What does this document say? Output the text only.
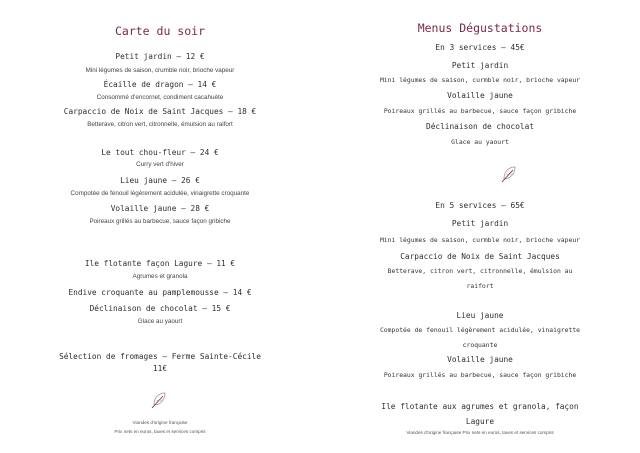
Carte du soir
Petit jardin – 12 €
Mini légumes de saison, crumble noir, brioche vapeur
Écaille de dragon – 14 €
Consommé d'encornet, condiment cacahuète
Carpaccio de Noix de Saint Jacques – 18 €
Betterave, citron vert, citronnelle, émulsion au raifort
Le tout chou-fleur – 24 €
Curry vert d'hiver
Lieu jaune – 26 €
Compotée de fenouil légèrement acidulée, vinaigrette croquante
Volaille jaune – 28 €
Poireaux grillés au barbecue, sauce façon gribiche
Ile flotante façon Lagure – 11 €
Agrumes et granola
Endive croquante au pamplemousse – 14 €
Déclinaison de chocolat – 15 €
Glace au yaourt
Sélection de fromages – Ferme Sainte-Cécile
11€
Viandes d'origine française
Prix nets en euros, taxes et services compris
Menus Dégustations
En 3 services – 45€
Petit jardin
Mini légumes de saison, curmble noir, brioche vapeur
Volaille jaune
Poireaux grillés au barbecue, sauce façon gribiche
Déclinaison de chocolat
Glace au yaourt
En 5 services – 65€
Petit jardin
Mini légumes de saison, curmble noir, brioche vapeur
Carpaccio de Noix de Saint Jacques
Betterave, citron vert, citronnelle, émulsion au
raifort
Lieu jaune
Compotée de fenouil légèrement acidulée, vinaigrette
croquante
Volaille jaune
Poireaux grillés au barbecue, sauce façon gribiche
Ile flotante aux agrumes et granola, façon
Lagure
Viandes d'origine française Prix nets en euros, taxes et services compris
